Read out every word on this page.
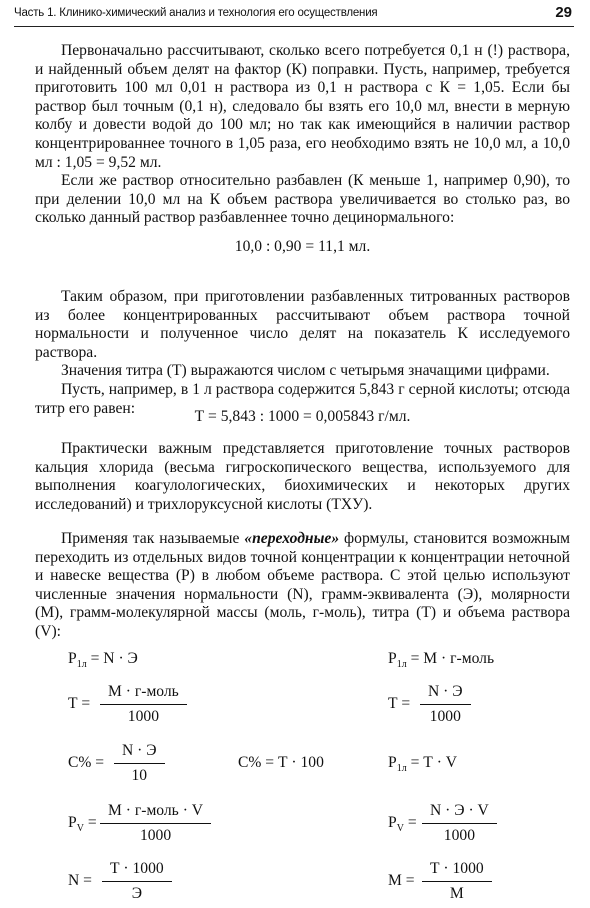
Часть 1. Клинико-химический анализ и технология его осуществления	29

Первоначально рассчитывают, сколько всего потребуется 0,1 н (!) раствора, и найденный объем делят на фактор (К) поправки. Пусть, например, требуется приготовить 100 мл 0,01 н раствора из 0,1 н раствора с К = 1,05. Если бы раствор был точным (0,1 н), следовало бы взять его 10,0 мл, внести в мерную колбу и довести водой до 100 мл; но так как имеющийся в наличии раствор концентрированнее точного в 1,05 раза, его необходимо взять не 10,0 мл, а 10,0 мл : 1,05 = 9,52 мл.

Если же раствор относительно разбавлен (К меньше 1, например 0,90), то при делении 10,0 мл на К объем раствора увеличивается во столько раз, во сколько данный раствор разбавленнее точно децинормального:

10,0 : 0,90 = 11,1 мл.

Таким образом, при приготовлении разбавленных титрованных растворов из более концентрированных рассчитывают объем раствора точной нормальности и полученное число делят на показатель К исследуемого раствора.

Значения титра (Т) выражаются числом с четырьмя значащими цифрами.

Пусть, например, в 1 л раствора содержится 5,843 г серной кислоты; отсюда титр его равен:	Т = 5,843 : 1000 = 0,005843 г/мл.

Практически важным представляется приготовление точных растворов кальция хлорида (весьма гигроскопического вещества, используемого для выполнения коагулологических, биохимических и некоторых других исследований) и трихлоруксусной кислоты (ТХУ).

Применяя так называемые «переходные» формулы, становится возможным переходить из отдельных видов точной концентрации к концентрации неточной и навеске вещества (Р) в любом объеме раствора. С этой целью используют численные значения нормальности (N), грамм-эквивалента (Э), молярности (М), грамм-молекулярной массы (моль, г-моль), титра (Т) и объема раствора (V):

$Р_{1л} = N \cdot Э$	$Р_{1л} = М$ · г-моль
Т =
М · г-моль
1000
Т =
N · Э
1000
С% =
N · Э
10
С% = Т · 100	$Р_{1л} = Т \cdot V$
$Р_V$ =
М · г-моль · V
1000
$Р_V$ =
N · Э · V
1000
N =
Т · 1000
Э
М =
Т · 1000
М
